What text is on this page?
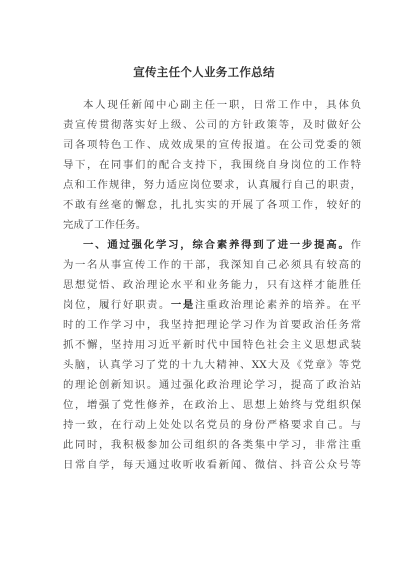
宣传主任个人业务工作总结
本人现任新闻中心副主任一职，日常工作中，具体负
责宣传贯彻落实好上级、公司的方针政策等，及时做好公
司各项特色工作、成效成果的宣传报道。在公司党委的领
导下，在同事们的配合支持下，我围绕自身岗位的工作特
点和工作规律，努力适应岗位要求，认真履行自己的职责，
不敢有丝毫的懈怠，扎扎实实的开展了各项工作，较好的
完成了工作任务。
一、通过强化学习，综合素养得到了进一步提高。作
为一名从事宣传工作的干部，我深知自己必须具有较高的
思想觉悟、政治理论水平和业务能力，只有这样才能胜任
岗位，履行好职责。一是注重政治理论素养的培养。在平
时的工作学习中，我坚持把理论学习作为首要政治任务常
抓不懈，坚持用习近平新时代中国特色社会主义思想武装
头脑，认真学习了党的十九大精神、XX大及《党章》等党
的理论创新知识。通过强化政治理论学习，提高了政治站
位，增强了党性修养，在政治上、思想上始终与党组织保
持一致，在行动上处处以名党员的身份严格要求自己。与
此同时，我积极参加公司组织的各类集中学习，非常注重
日常自学，每天通过收听收看新闻、微信、抖音公众号等
